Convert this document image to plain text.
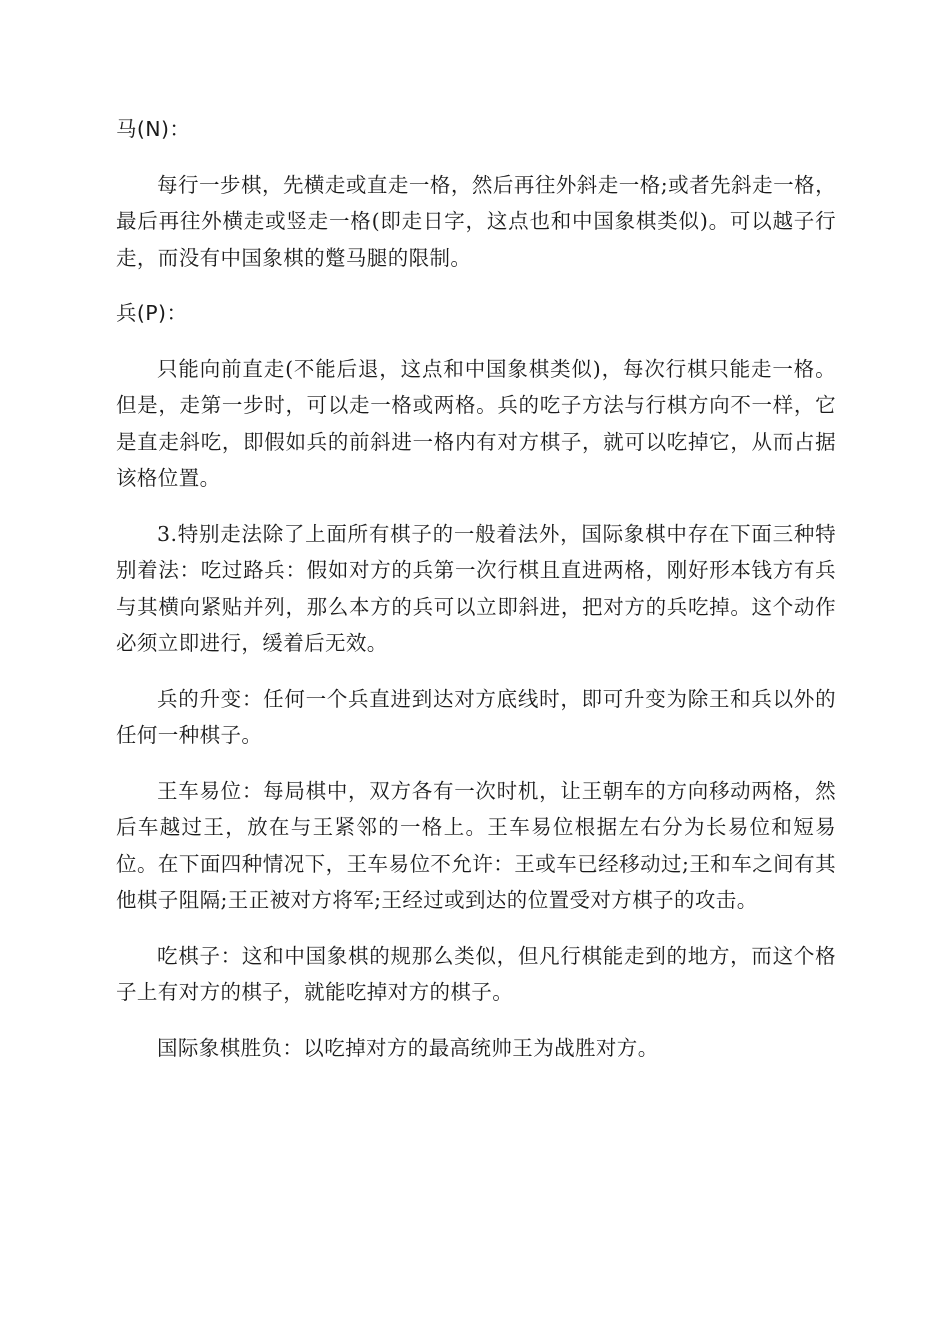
马(N)：

每行一步棋，先横走或直走一格，然后再往外斜走一格;或者先斜走一格，最后再往外横走或竖走一格(即走日字，这点也和中国象棋类似)。可以越子行走，而没有中国象棋的蹩马腿的限制。

兵(P)：

只能向前直走(不能后退，这点和中国象棋类似)，每次行棋只能走一格。但是，走第一步时，可以走一格或两格。兵的吃子方法与行棋方向不一样，它是直走斜吃，即假如兵的前斜进一格内有对方棋子，就可以吃掉它，从而占据该格位置。

3.特别走法除了上面所有棋子的一般着法外，国际象棋中存在下面三种特别着法：吃过路兵：假如对方的兵第一次行棋且直进两格，刚好形本钱方有兵与其横向紧贴并列，那么本方的兵可以立即斜进，把对方的兵吃掉。这个动作必须立即进行，缓着后无效。

兵的升变：任何一个兵直进到达对方底线时，即可升变为除王和兵以外的任何一种棋子。

王车易位：每局棋中，双方各有一次时机，让王朝车的方向移动两格，然后车越过王，放在与王紧邻的一格上。王车易位根据左右分为长易位和短易位。在下面四种情况下，王车易位不允许：王或车已经移动过;王和车之间有其他棋子阻隔;王正被对方将军;王经过或到达的位置受对方棋子的攻击。

吃棋子：这和中国象棋的规那么类似，但凡行棋能走到的地方，而这个格子上有对方的棋子，就能吃掉对方的棋子。

国际象棋胜负：以吃掉对方的最高统帅王为战胜对方。
